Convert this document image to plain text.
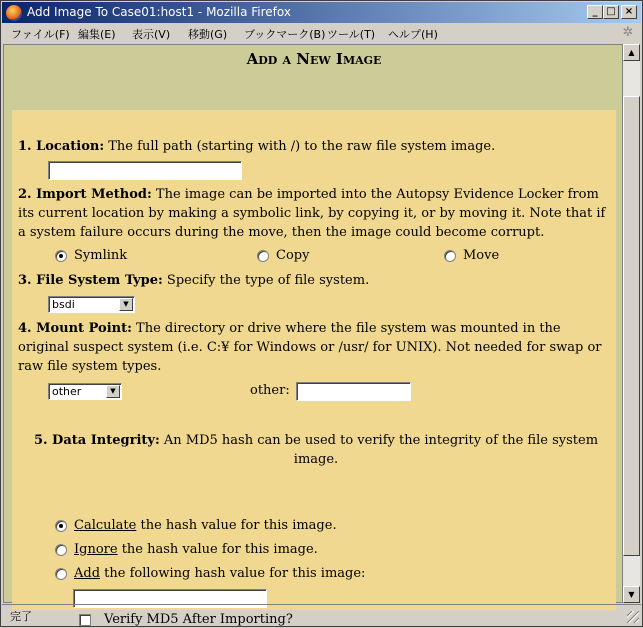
Add Image To Case01:host1 - Mozilla Firefox	_ □ ×
ファイル(F) 編集(E) 表示(V) 移動(G) ブックマーク(B) ツール(T) ヘルプ(H)	✲
Add a New Image
1. Location: The full path (starting with /) to the raw file system image.
2. Import Method: The image can be imported into the Autopsy Evidence Locker from its current location by making a symbolic link, by copying it, or by moving it. Note that if a system failure occurs during the move, then the image could become corrupt.
Symlink	Copy	Move
3. File System Type: Specify the type of file system.
bsdi	▼
4. Mount Point: The directory or drive where the file system was mounted in the original suspect system (i.e. C:¥ for Windows or /usr/ for UNIX). Not needed for swap or raw file system types.
other	▼	other:
5. Data Integrity: An MD5 hash can be used to verify the integrity of the file system image.
Calculate the hash value for this image.
Ignore the hash value for this image.
Add the following hash value for this image:
Verify MD5 After Importing?
▲
▼
完了
